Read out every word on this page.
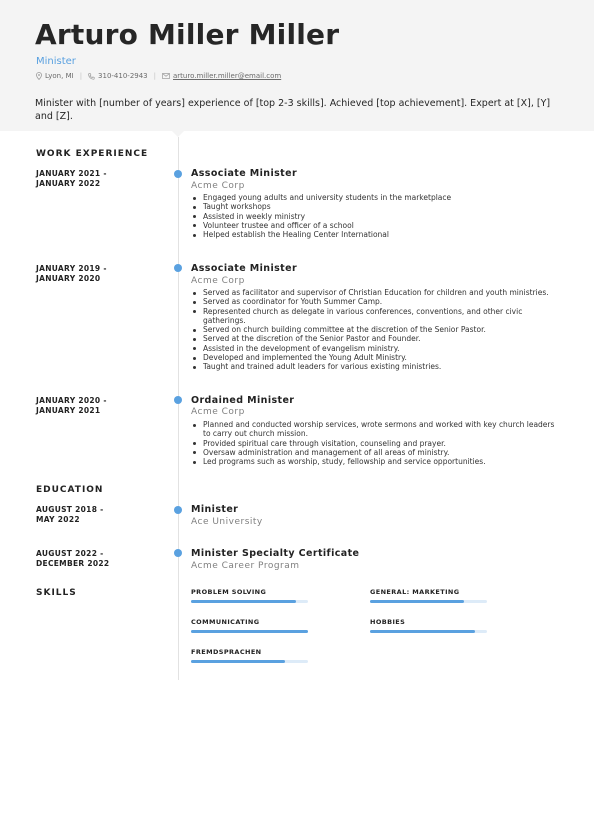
Arturo Miller Miller
Minister
Lyon, MI | 310-410-2943 | arturo.miller.miller@email.com
Minister with [number of years] experience of [top 2-3 skills]. Achieved [top achievement]. Expert at [X], [Y] and [Z].
WORK EXPERIENCE
JANUARY 2021 -
JANUARY 2022
Associate Minister
Acme Corp
Engaged young adults and university students in the marketplace
Taught workshops
Assisted in weekly ministry
Volunteer trustee and officer of a school
Helped establish the Healing Center International
JANUARY 2019 -
JANUARY 2020
Associate Minister
Acme Corp
Served as facilitator and supervisor of Christian Education for children and youth ministries.
Served as coordinator for Youth Summer Camp.
Represented church as delegate in various conferences, conventions, and other civic gatherings.
Served on church building committee at the discretion of the Senior Pastor.
Served at the discretion of the Senior Pastor and Founder.
Assisted in the development of evangelism ministry.
Developed and implemented the Young Adult Ministry.
Taught and trained adult leaders for various existing ministries.
JANUARY 2020 -
JANUARY 2021
Ordained Minister
Acme Corp
Planned and conducted worship services, wrote sermons and worked with key church leaders to carry out church mission.
Provided spiritual care through visitation, counseling and prayer.
Oversaw administration and management of all areas of ministry.
Led programs such as worship, study, fellowship and service opportunities.
EDUCATION
AUGUST 2018 -
MAY 2022
Minister
Ace University
AUGUST 2022 -
DECEMBER 2022
Minister Specialty Certificate
Acme Career Program
SKILLS	PROBLEM SOLVING	GENERAL: MARKETING
COMMUNICATING	HOBBIES
FREMDSPRACHEN
